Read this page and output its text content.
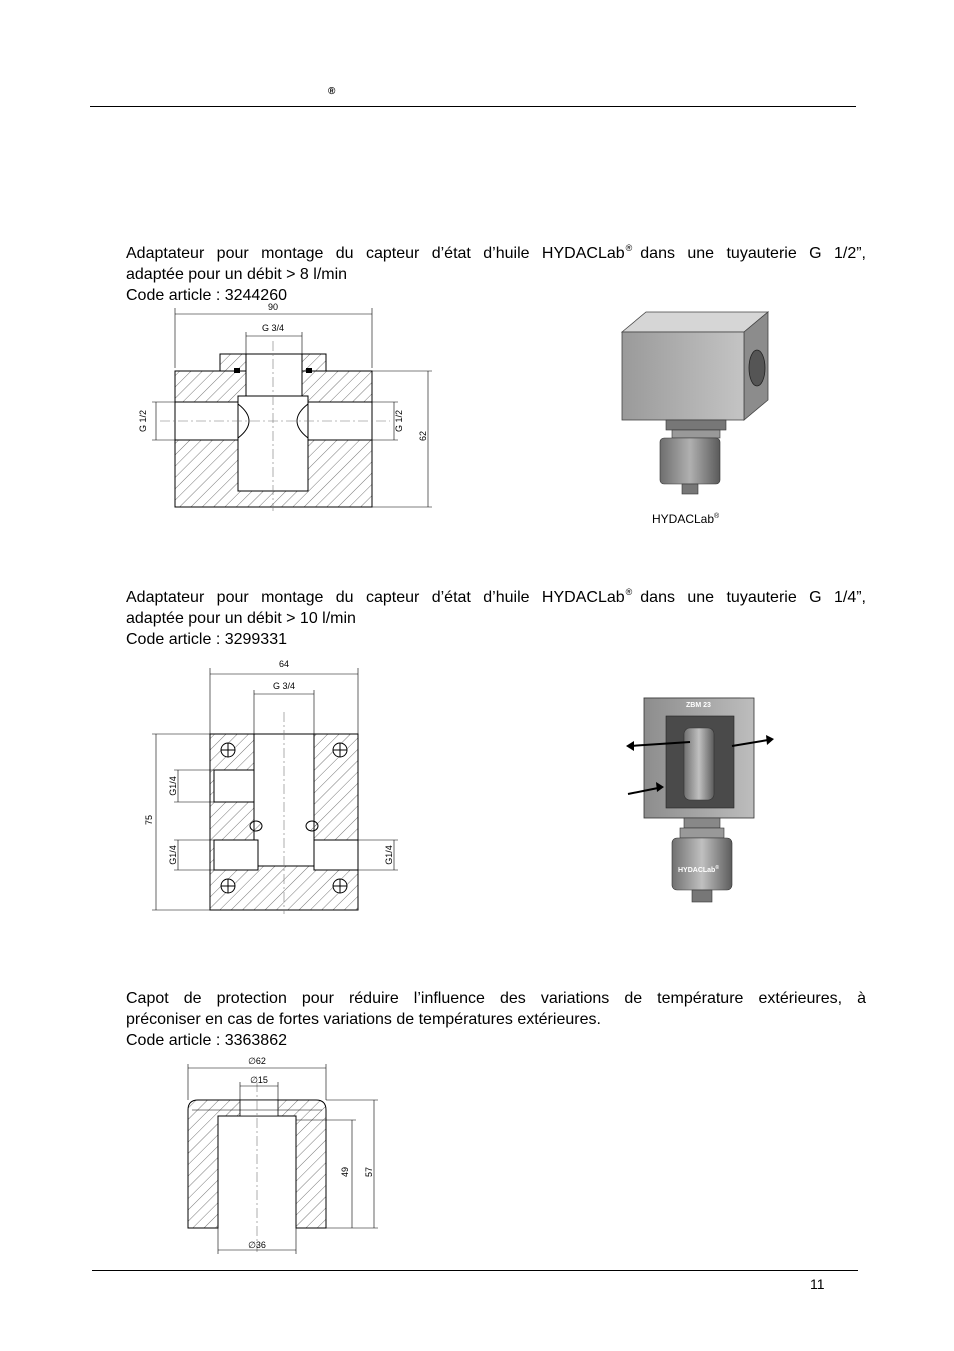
®

Adaptateur pour montage du capteur d’état d’huile HYDACLab® dans une tuyauterie G 1/2”,

adaptée pour un débit > 8 l/min

Code article : 3244260

90
G 3/4
G 1/2	G 1/2
62
HYDACLab®

Adaptateur pour montage du capteur d’état d’huile HYDACLab® dans une tuyauterie G 1/4”,

adaptée pour un débit > 10 l/min

Code article : 3299331

64
G 3/4
G1/4
G1/4	G1/4
75
ZBM 23
HYDACLab®

Capot de protection pour réduire l’influence des variations de température extérieures, à

préconiser en cas de fortes variations de températures extérieures.

Code article : 3363862

∅62
∅15
∅36
49 57
11
